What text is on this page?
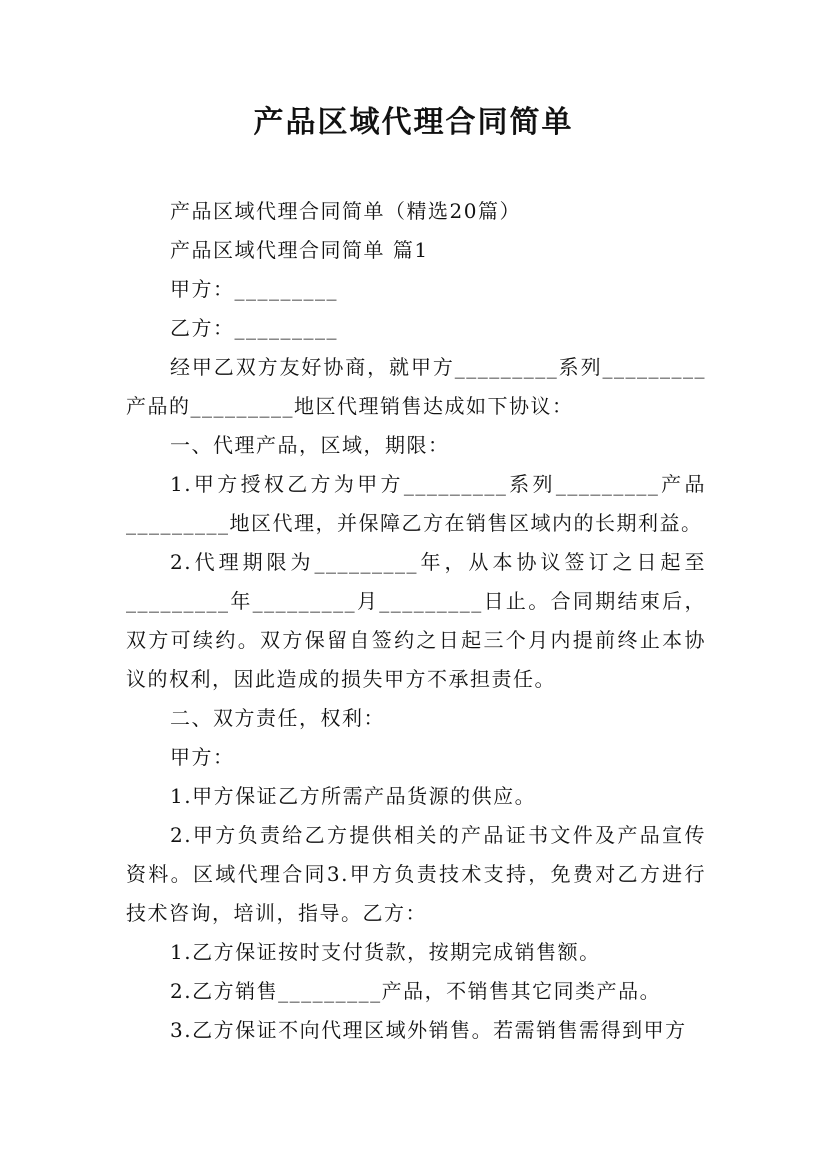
产品区域代理合同简单

产品区域代理合同简单（精选20篇）

产品区域代理合同简单 篇1

甲方：_________

乙方：_________

经甲乙双方友好协商，就甲方_________系列_________产品的_________地区代理销售达成如下协议：

一、代理产品，区域，期限：

1.甲方授权乙方为甲方_________系列_________产品_________地区代理，并保障乙方在销售区域内的长期利益。

2.代理期限为_________年，从本协议签订之日起至_________年_________月_________日止。合同期结束后，双方可续约。双方保留自签约之日起三个月内提前终止本协议的权利，因此造成的损失甲方不承担责任。

二、双方责任，权利：

甲方：

1.甲方保证乙方所需产品货源的供应。

2.甲方负责给乙方提供相关的产品证书文件及产品宣传资料。区域代理合同3.甲方负责技术支持，免费对乙方进行技术咨询，培训，指导。乙方：

1.乙方保证按时支付货款，按期完成销售额。

2.乙方销售_________产品，不销售其它同类产品。

3.乙方保证不向代理区域外销售。若需销售需得到甲方
